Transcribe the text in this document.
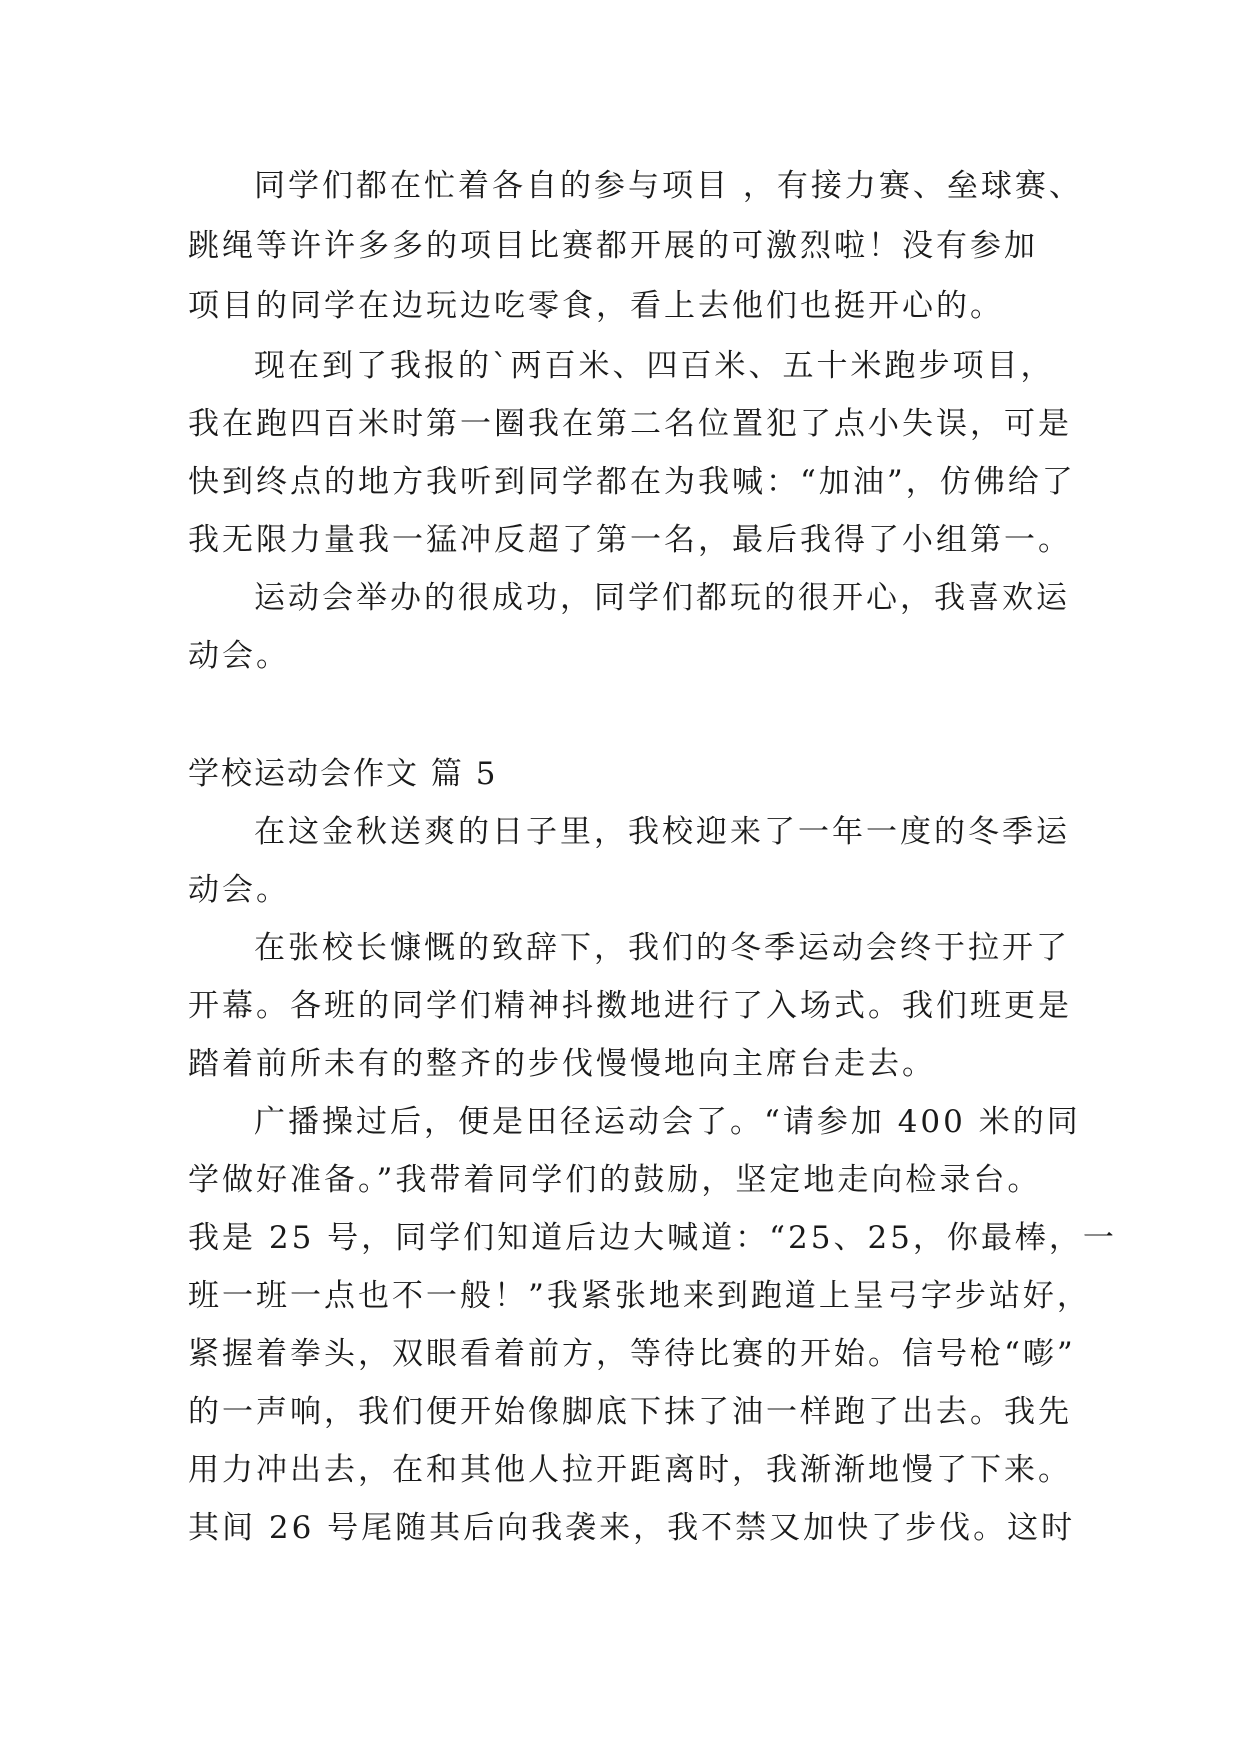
同学们都在忙着各自的参与项目 ，有接力赛、垒球赛、
跳绳等许许多多的项目比赛都开展的可激烈啦！没有参加
项目的同学在边玩边吃零食，看上去他们也挺开心的。
现在到了我报的`两百米、四百米、五十米跑步项目，
我在跑四百米时第一圈我在第二名位置犯了点小失误，可是
快到终点的地方我听到同学都在为我喊：“加油”，仿佛给了
我无限力量我一猛冲反超了第一名，最后我得了小组第一。
运动会举办的很成功，同学们都玩的很开心，我喜欢运
动会。
学校运动会作文 篇 5
在这金秋送爽的日子里，我校迎来了一年一度的冬季运
动会。
在张校长慷慨的致辞下，我们的冬季运动会终于拉开了
开幕。各班的同学们精神抖擞地进行了入场式。我们班更是
踏着前所未有的整齐的步伐慢慢地向主席台走去。
广播操过后，便是田径运动会了。“请参加 400 米的同
学做好准备。”我带着同学们的鼓励，坚定地走向检录台。
我是 25 号，同学们知道后边大喊道：“25、25，你最棒，一
班一班一点也不一般！”我紧张地来到跑道上呈弓字步站好，
紧握着拳头，双眼看着前方，等待比赛的开始。信号枪“嘭”
的一声响，我们便开始像脚底下抹了油一样跑了出去。我先
用力冲出去，在和其他人拉开距离时，我渐渐地慢了下来。
其间 26 号尾随其后向我袭来，我不禁又加快了步伐。这时
